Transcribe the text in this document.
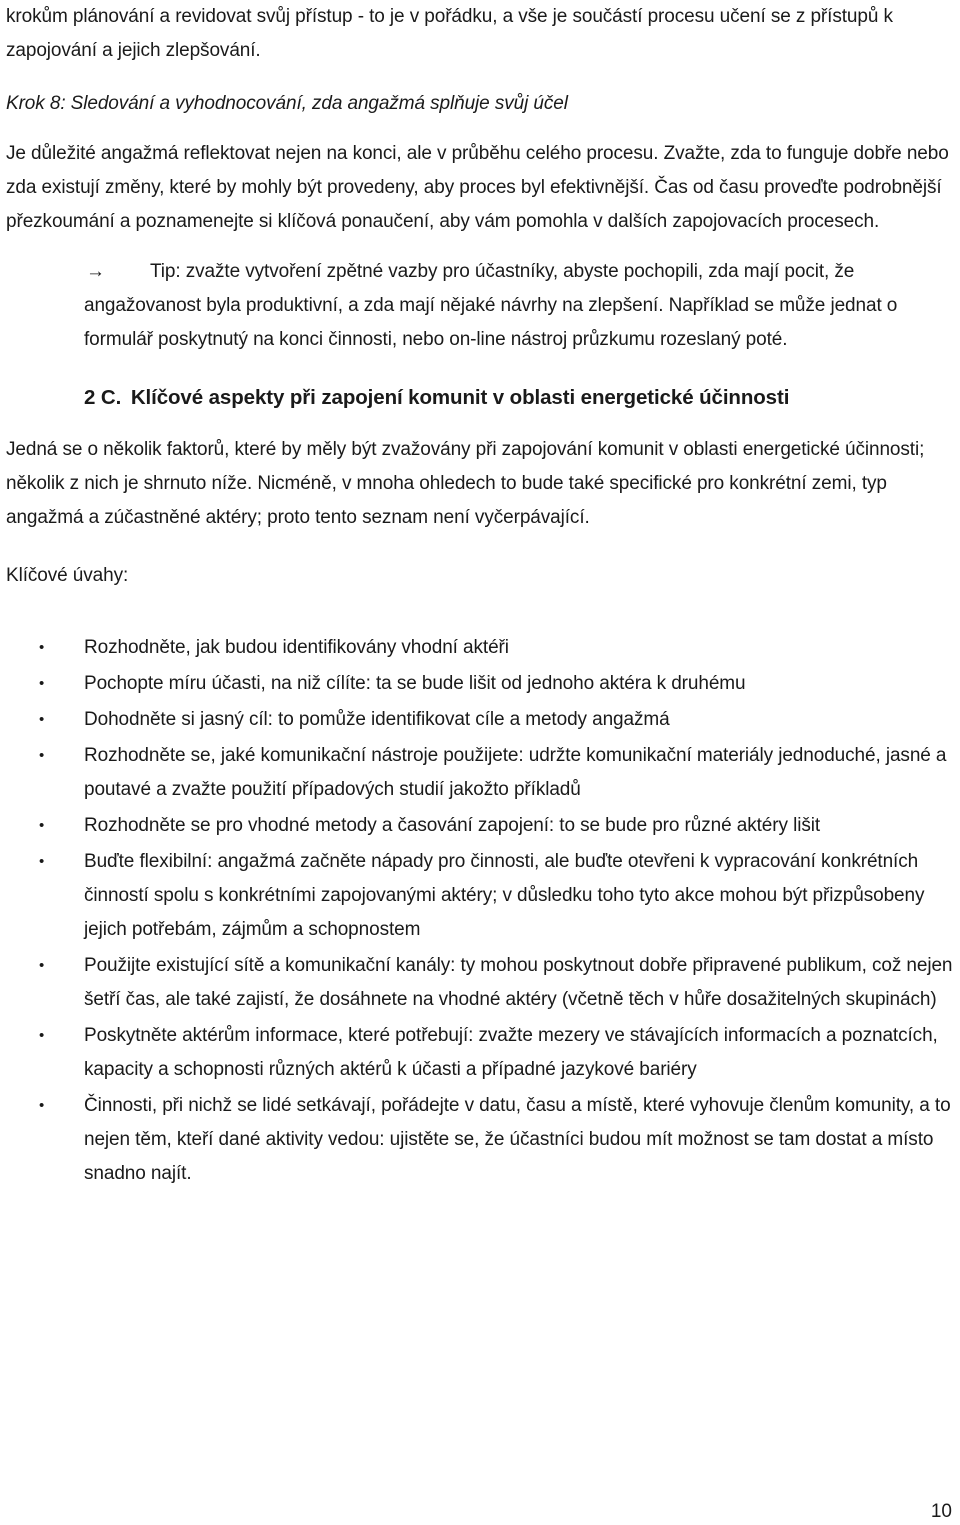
krokům plánování a revidovat svůj přístup - to je v pořádku, a vše je součástí procesu učení se z přístupů k zapojování a jejich zlepšování.

Krok 8: Sledování a vyhodnocování, zda angažmá splňuje svůj účel

Je důležité angažmá reflektovat nejen na konci, ale v průběhu celého procesu. Zvažte, zda to funguje dobře nebo zda existují změny, které by mohly být provedeny, aby proces byl efektivnější. Čas od času proveďte podrobnější přezkoumání a poznamenejte si klíčová ponaučení, aby vám pomohla v dalších zapojovacích procesech.

→	Tip: zvažte vytvoření zpětné vazby pro účastníky, abyste pochopili, zda mají pocit, že angažovanost byla produktivní, a zda mají nějaké návrhy na zlepšení. Například se může jednat o formulář poskytnutý na konci činnosti, nebo on-line nástroj průzkumu rozeslaný poté.

2 C. Klíčové aspekty při zapojení komunit v oblasti energetické účinnosti

Jedná se o několik faktorů, které by měly být zvažovány při zapojování komunit v oblasti energetické účinnosti; několik z nich je shrnuto níže. Nicméně, v mnoha ohledech to bude také specifické pro konkrétní zemi, typ angažmá a zúčastněné aktéry; proto tento seznam není vyčerpávající.

Klíčové úvahy:

• Rozhodněte, jak budou identifikovány vhodní aktéři
• Pochopte míru účasti, na niž cílíte: ta se bude lišit od jednoho aktéra k druhému
• Dohodněte si jasný cíl: to pomůže identifikovat cíle a metody angažmá
• Rozhodněte se, jaké komunikační nástroje použijete: udržte komunikační materiály jednoduché, jasné a poutavé a zvažte použití případových studií jakožto příkladů
• Rozhodněte se pro vhodné metody a časování zapojení: to se bude pro různé aktéry lišit
• Buďte flexibilní: angažmá začněte nápady pro činnosti, ale buďte otevřeni k vypracování konkrétních činností spolu s konkrétními zapojovanými aktéry; v důsledku toho tyto akce mohou být přizpůsobeny jejich potřebám, zájmům a schopnostem
• Použijte existující sítě a komunikační kanály: ty mohou poskytnout dobře připravené publikum, což nejen šetří čas, ale také zajistí, že dosáhnete na vhodné aktéry (včetně těch v hůře dosažitelných skupinách)
• Poskytněte aktérům informace, které potřebují: zvažte mezery ve stávajících informacích a poznatcích, kapacity a schopnosti různých aktérů k účasti a případné jazykové bariéry
• Činnosti, při nichž se lidé setkávají, pořádejte v datu, času a místě, které vyhovuje členům komunity, a to nejen těm, kteří dané aktivity vedou: ujistěte se, že účastníci budou mít možnost se tam dostat a místo snadno najít.
10
